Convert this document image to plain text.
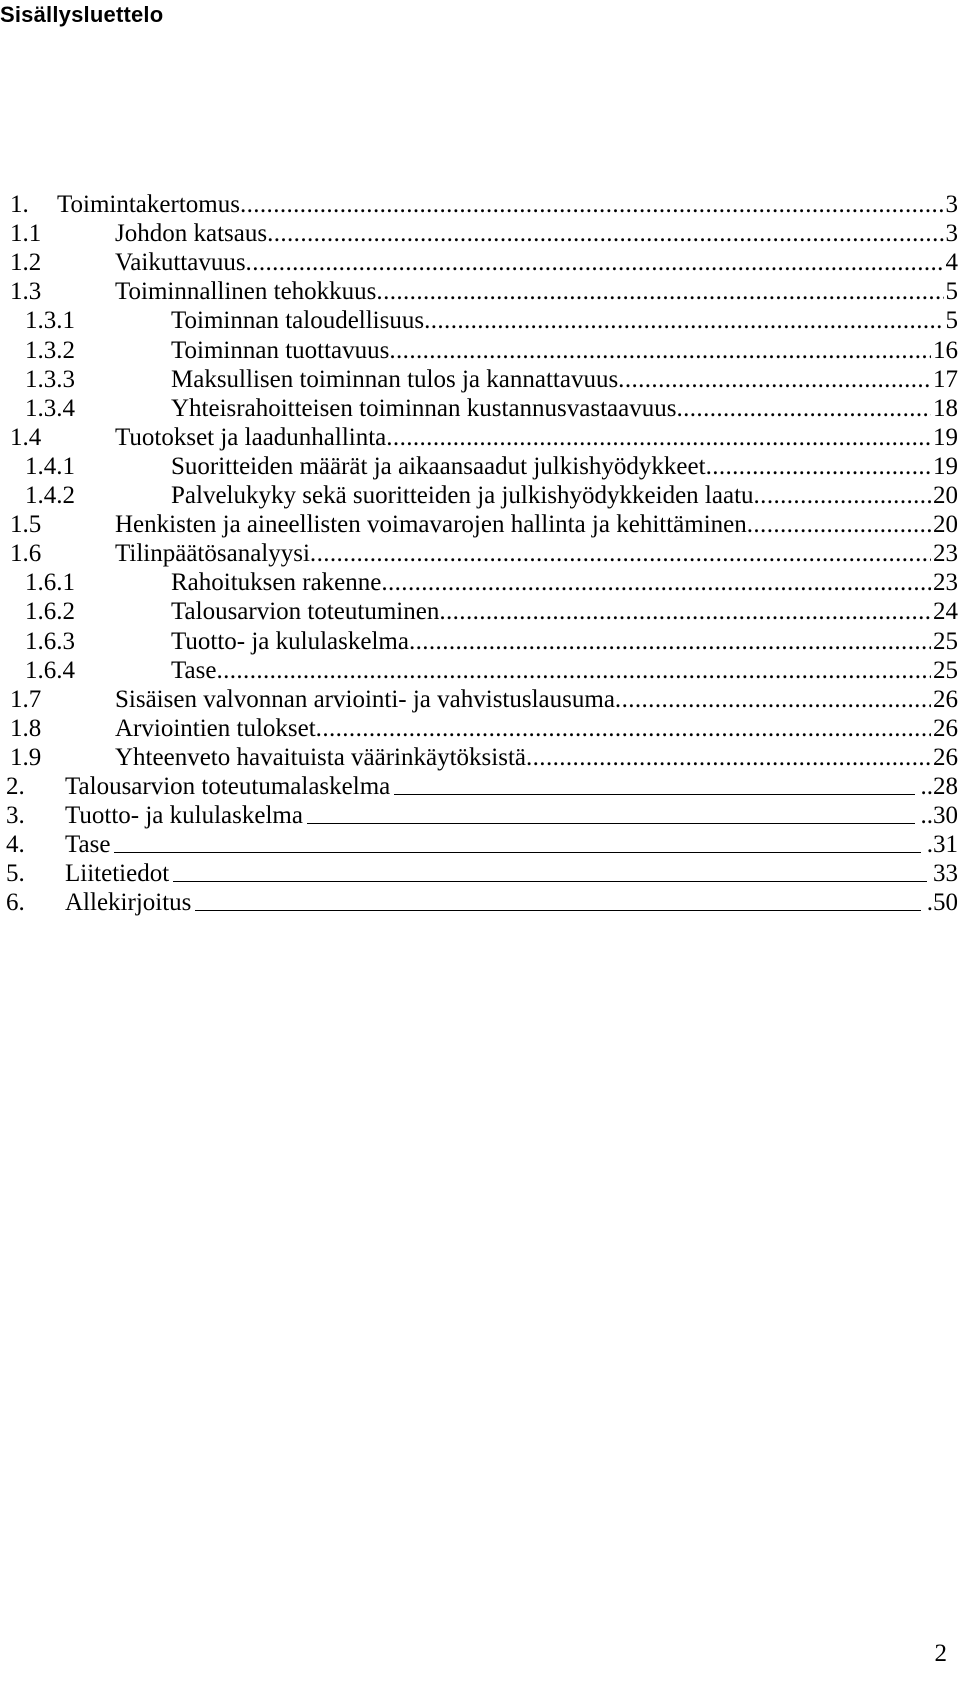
Sisällysluettelo
1. Toimintakertomus .....	3
1.1	Johdon katsaus .....	3
1.2	Vaikuttavuus .....	4
1.3	Toiminnallinen tehokkuus .....	5
1.3.1	Toiminnan taloudellisuus .....	5
1.3.2	Toiminnan tuottavuus .....	16
1.3.3	Maksullisen toiminnan tulos ja kannattavuus .....	17
1.3.4	Yhteisrahoitteisen toiminnan kustannusvastaavuus .....	18
1.4	Tuotokset ja laadunhallinta .....	19
1.4.1	Suoritteiden määrät ja aikaansaadut julkishyödykkeet .....	19
1.4.2	Palvelukyky sekä suoritteiden ja julkishyödykkeiden laatu .....	20
1.5	Henkisten ja aineellisten voimavarojen hallinta ja kehittäminen .....	20
1.6	Tilinpäätösanalyysi .....	23
1.6.1	Rahoituksen rakenne .....	23
1.6.2	Talousarvion toteutuminen .....	24
1.6.3	Tuotto- ja kululaskelma .....	25
1.6.4	Tase .....	25
1.7	Sisäisen valvonnan arviointi- ja vahvistuslausuma .....	26
1.8	Arviointien tulokset .....	26
1.9	Yhteenveto havaituista väärinkäytöksistä .....	26
2. Talousarvion toteutumalaskelma	..28
3. Tuotto- ja kululaskelma	..30
4. Tase	.31
5. Liitetiedot	33
6. Allekirjoitus	.50
2
